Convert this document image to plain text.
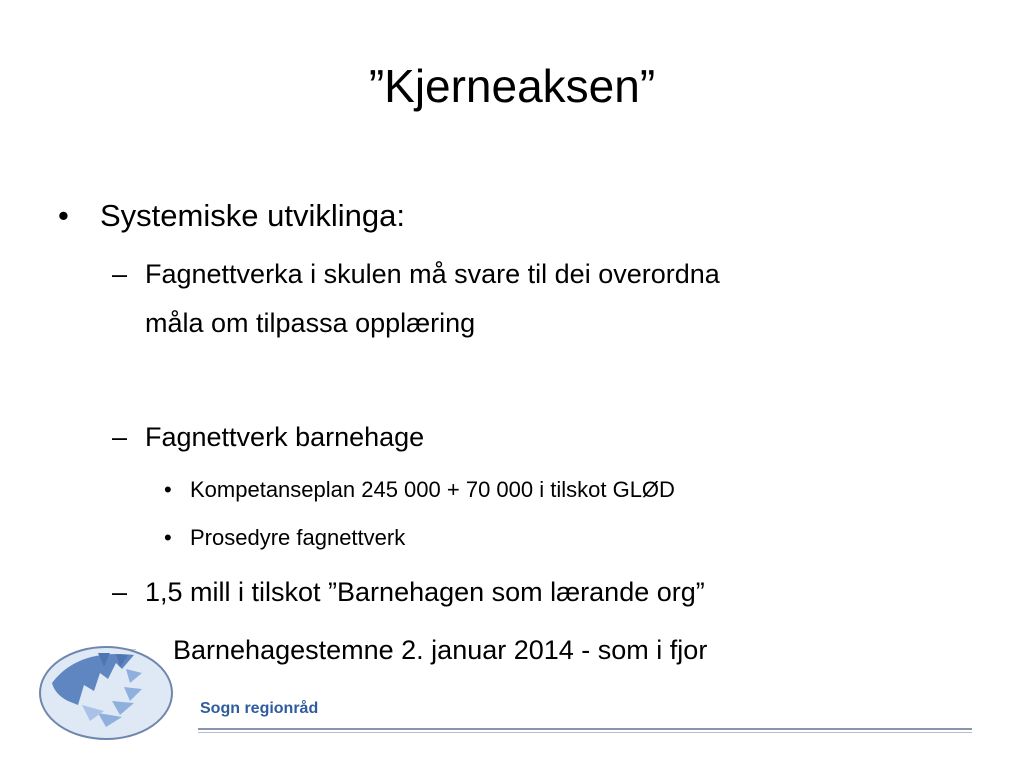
”Kjerneaksen”
• Systemiske utviklinga:
– Fagnettverka i skulen må svare til dei overordna
måla om tilpassa opplæring
– Fagnettverk barnehage
• Kompetanseplan 245 000 + 70 000 i tilskot GLØD
• Prosedyre fagnettverk
– 1,5 mill i tilskot ”Barnehagen som lærande org”
Barnehagestemne 2. januar 2014 - som i fjor
Sogn regionråd
